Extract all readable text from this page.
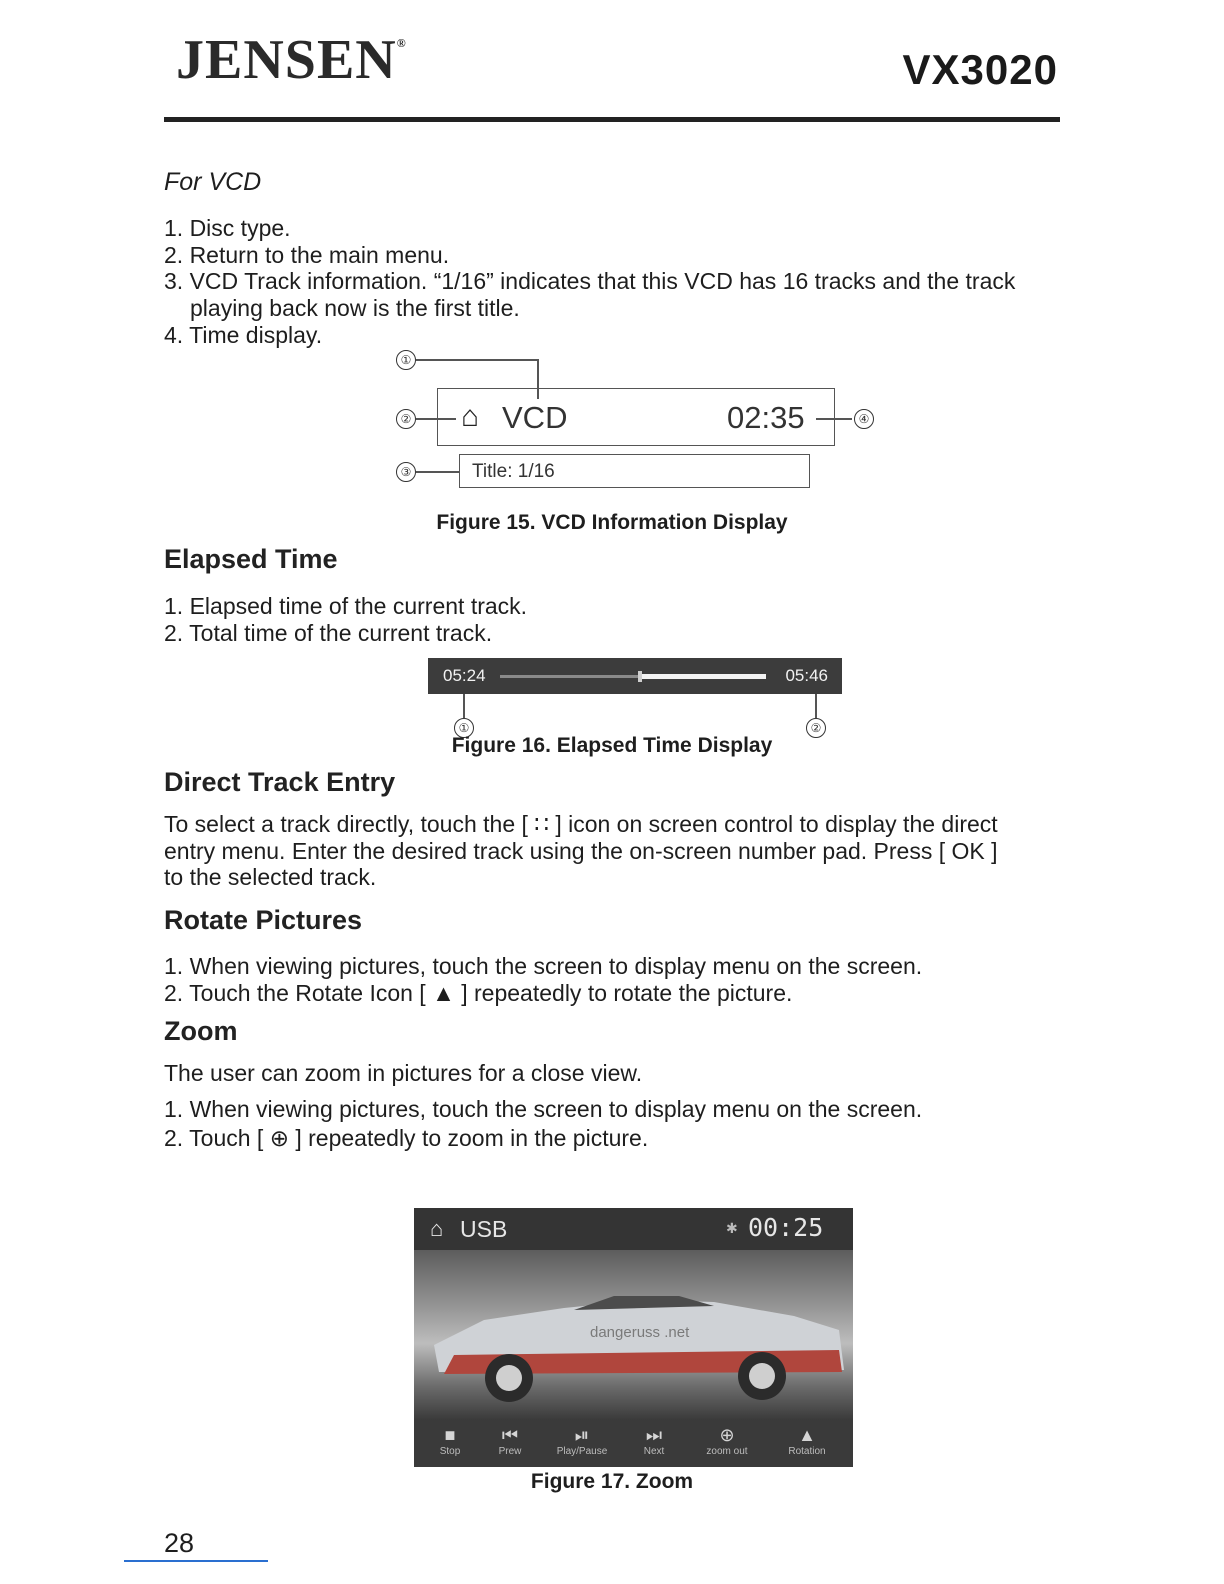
JENSEN®
VX3020
For VCD
1. Disc type.
2. Return to the main menu.
3. VCD Track information. “1/16” indicates that this VCD has 16 tracks and the track
playing back now is the first title.
4. Time display.
①
② ⌂ VCD	02:35	④
③	Title: 1/16
Figure 15. VCD Information Display
Elapsed Time
1. Elapsed time of the current track.
2. Total time of the current track.
05:24	05:46
①	②
Figure 16. Elapsed Time Display
Direct Track Entry
To select a track directly, touch the [ ∷ ] icon on screen control to display the direct
entry menu. Enter the desired track using the on-screen number pad. Press [ OK ]
to the selected track.
Rotate Pictures
1. When viewing pictures, touch the screen to display menu on the screen.
2. Touch the Rotate Icon [ ▲ ] repeatedly to rotate the picture.
Zoom
The user can zoom in pictures for a close view.
1. When viewing pictures, touch the screen to display menu on the screen.
2. Touch [ ⊕ ] repeatedly to zoom in the picture.
⌂ USB	✱ 00:25
dangeruss .net
■
Stop
⏮
Prew
⏯
Play/Pause
⏭
Next
⊕
zoom out
▲
Rotation
Figure 17. Zoom
28
